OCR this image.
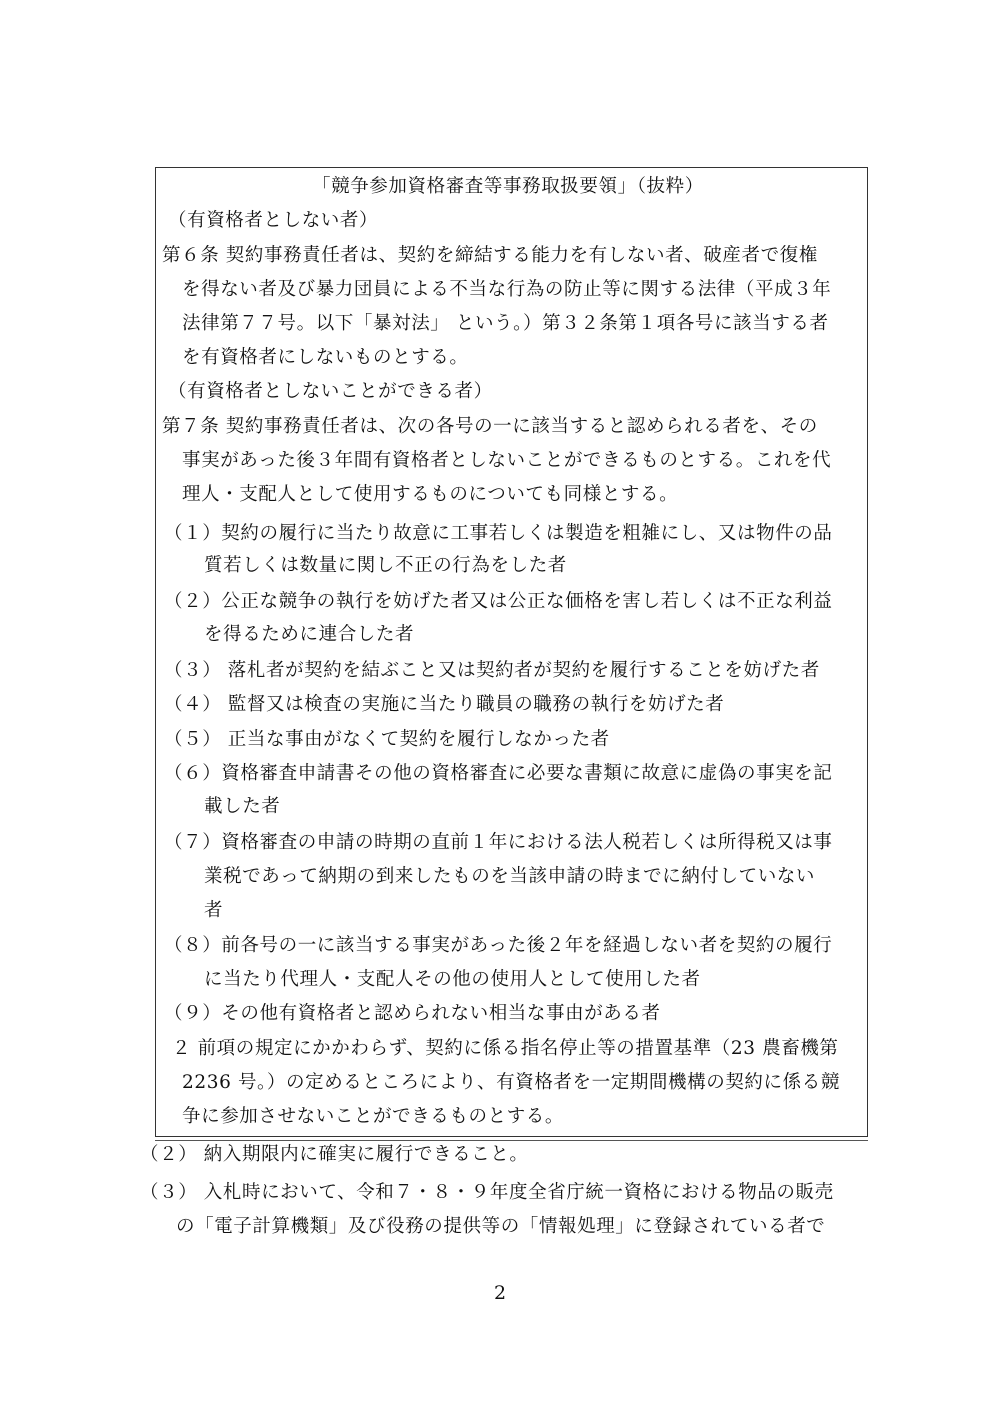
「競争参加資格審査等事務取扱要領」（抜粋）
（有資格者としない者）
第６条 契約事務責任者は、契約を締結する能力を有しない者、破産者で復権
を得ない者及び暴力団員による不当な行為の防止等に関する法律（平成３年
法律第７７号。以下「暴対法」 という。）第３２条第１項各号に該当する者
を有資格者にしないものとする。
（有資格者としないことができる者）
第７条 契約事務責任者は、次の各号の一に該当すると認められる者を、その
事実があった後３年間有資格者としないことができるものとする。これを代
理人・支配人として使用するものについても同様とする。
（１）契約の履行に当たり故意に工事若しくは製造を粗雑にし、又は物件の品
質若しくは数量に関し不正の行為をした者
（２）公正な競争の執行を妨げた者又は公正な価格を害し若しくは不正な利益
を得るために連合した者
（３） 落札者が契約を結ぶこと又は契約者が契約を履行することを妨げた者
（４） 監督又は検査の実施に当たり職員の職務の執行を妨げた者
（５） 正当な事由がなくて契約を履行しなかった者
（６）資格審査申請書その他の資格審査に必要な書類に故意に虚偽の事実を記
載した者
（７）資格審査の申請の時期の直前１年における法人税若しくは所得税又は事
業税であって納期の到来したものを当該申請の時までに納付していない
者
（８）前各号の一に該当する事実があった後２年を経過しない者を契約の履行
に当たり代理人・支配人その他の使用人として使用した者
（９）その他有資格者と認められない相当な事由がある者
２ 前項の規定にかかわらず、契約に係る指名停止等の措置基準（23 農畜機第
2236 号。）の定めるところにより、有資格者を一定期間機構の契約に係る競
争に参加させないことができるものとする。
（２） 納入期限内に確実に履行できること。
（３） 入札時において、令和７・８・９年度全省庁統一資格における物品の販売
の「電子計算機類」及び役務の提供等の「情報処理」に登録されている者で
2
